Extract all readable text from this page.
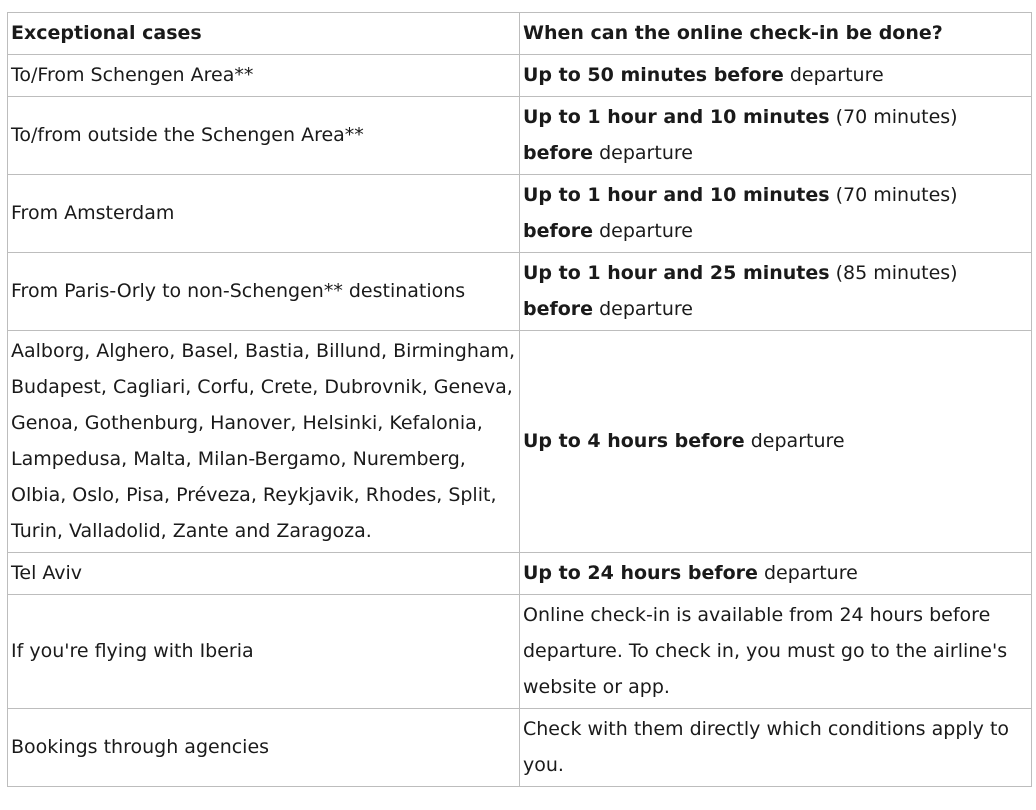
Exceptional cases	When can the online check-in be done?
To/From Schengen Area**	Up to 50 minutes before departure
To/from outside the Schengen Area**	Up to 1 hour and 10 minutes (70 minutes) before departure
From Amsterdam	Up to 1 hour and 10 minutes (70 minutes) before departure
From Paris-Orly to non-Schengen** destinations	Up to 1 hour and 25 minutes (85 minutes) before departure
Aalborg, Alghero, Basel, Bastia, Billund, Birmingham, Budapest, Cagliari, Corfu, Crete, Dubrovnik, Geneva, Genoa, Gothenburg, Hanover, Helsinki, Kefalonia, Lampedusa, Malta, Milan-Bergamo, Nuremberg, Olbia, Oslo, Pisa, Préveza, Reykjavik, Rhodes, Split, Turin, Valladolid, Zante and Zaragoza.	Up to 4 hours before departure
Tel Aviv	Up to 24 hours before departure
If you're flying with Iberia	Online check-in is available from 24 hours before departure. To check in, you must go to the airline's website or app.
Bookings through agencies	Check with them directly which conditions apply to you.
